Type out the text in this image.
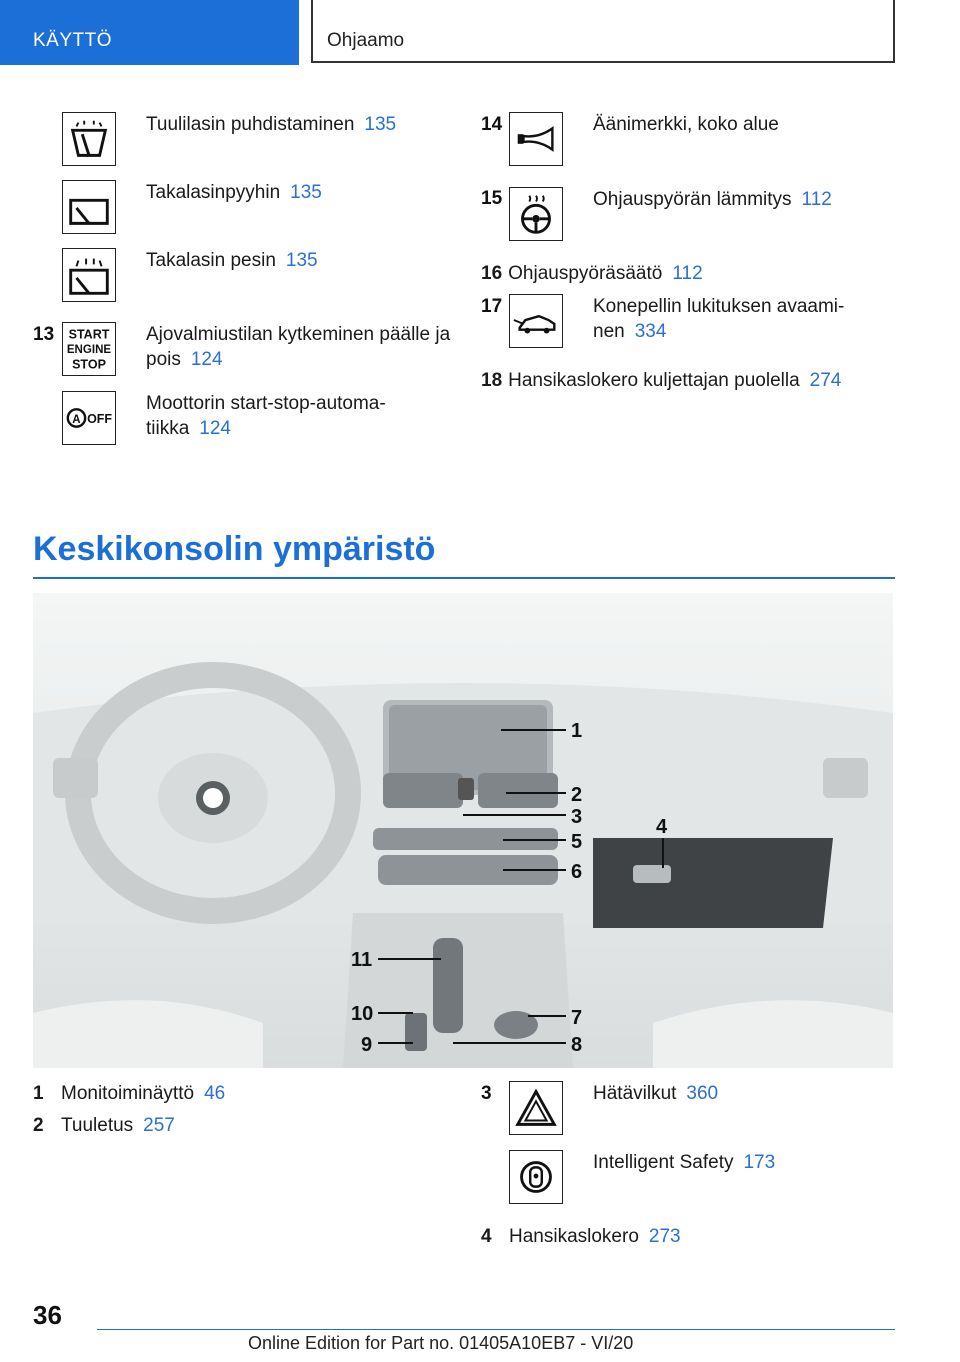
KÄYTTÖ	Ohjaamo
Tuulilasin puhdistaminen 135
Takalasinpyyhin 135
Takalasin pesin 135
13 START
ENGINE
STOP
Ajovalmiustilan kytkeminen päälle ja
pois 124
A OFF
Moottorin start-stop-automa-
tiikka 124
14	Äänimerkki, koko alue
15	Ohjauspyörän lämmitys 112
16 Ohjauspyöräsäätö 112
17	Konepellin lukituksen avaami-
nen 334
18 Hansikaslokero kuljettajan puolella 274
Keskikonsolin ympäristö
1
2
3
5
6
4
11
10
9
7
8
1 Monitoiminäyttö 46
2 Tuuletus 257
3	Hätävilkut 360
Intelligent Safety 173
4 Hansikaslokero 273
36
Online Edition for Part no. 01405A10EB7 - VI/20
